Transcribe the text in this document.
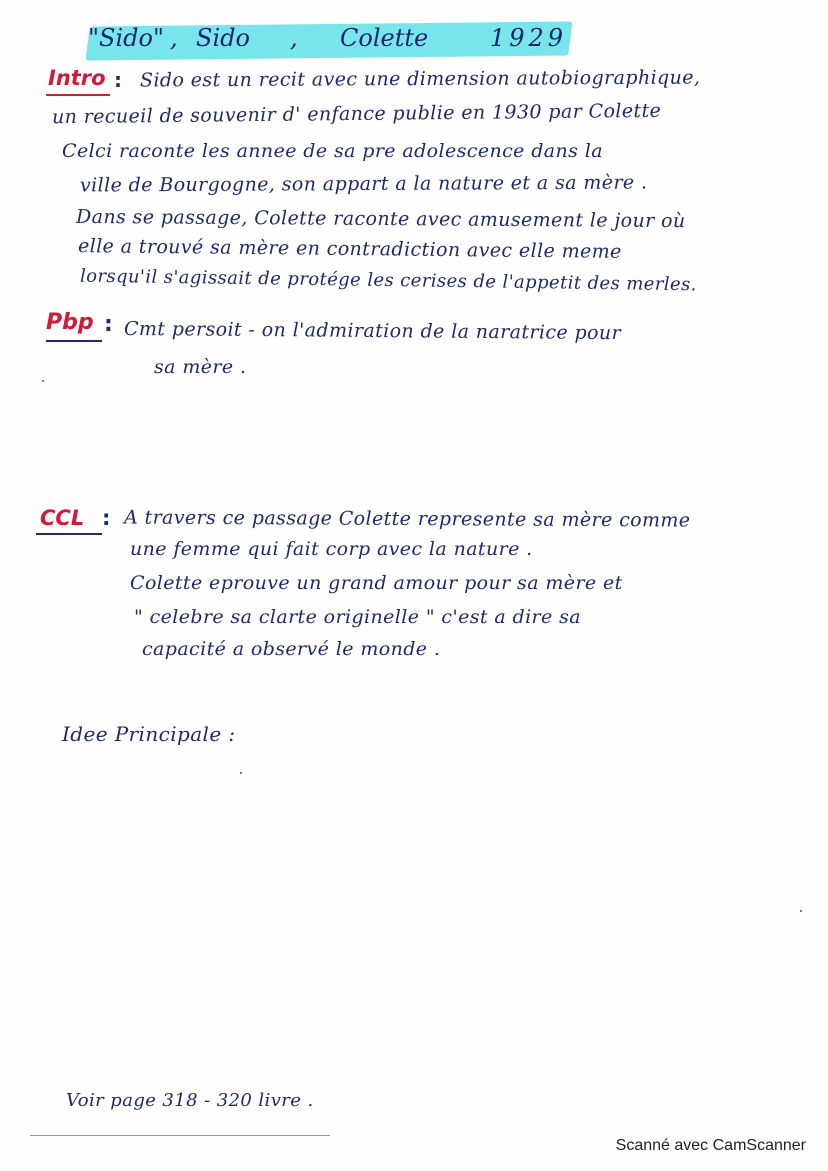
"Sido" , Sido , Colette	1929
Intro : Sido est un recit avec une dimension autobiographique,
un recueil de souvenir d' enfance publie en 1930 par Colette
Celci raconte les annee de sa pre adolescence dans la
ville de Bourgogne, son appart a la nature et a sa mère .
Dans se passage, Colette raconte avec amusement le jour où
elle a trouvé sa mère en contradiction avec elle meme
lorsqu'il s'agissait de protége les cerises de l'appetit des merles.
Pbp : Cmt persoit - on l'admiration de la naratrice pour
sa mère .
CCL : A travers ce passage Colette represente sa mère comme
une femme qui fait corp avec la nature .
Colette eprouve un grand amour pour sa mère et
" celebre sa clarte originelle " c'est a dire sa
capacité a observé le monde .
Idee Principale :
Voir page 318 - 320 livre .
Scanné avec CamScanner
